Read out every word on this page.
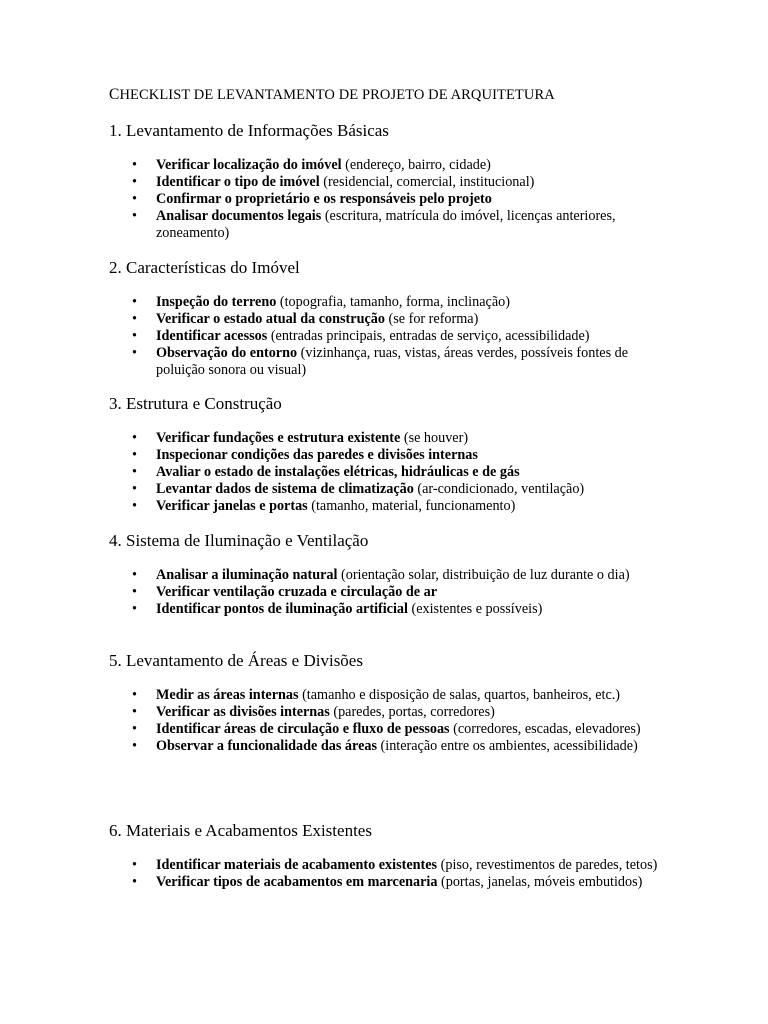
CHECKLIST DE LEVANTAMENTO DE PROJETO DE ARQUITETURA
1. Levantamento de Informações Básicas
• Verificar localização do imóvel (endereço, bairro, cidade)
• Identificar o tipo de imóvel (residencial, comercial, institucional)
• Confirmar o proprietário e os responsáveis pelo projeto
• Analisar documentos legais (escritura, matrícula do imóvel, licenças anteriores, zoneamento)
2. Características do Imóvel
• Inspeção do terreno (topografia, tamanho, forma, inclinação)
• Verificar o estado atual da construção (se for reforma)
• Identificar acessos (entradas principais, entradas de serviço, acessibilidade)
• Observação do entorno (vizinhança, ruas, vistas, áreas verdes, possíveis fontes de poluição sonora ou visual)
3. Estrutura e Construção
• Verificar fundações e estrutura existente (se houver)
• Inspecionar condições das paredes e divisões internas
• Avaliar o estado de instalações elétricas, hidráulicas e de gás
• Levantar dados de sistema de climatização (ar-condicionado, ventilação)
• Verificar janelas e portas (tamanho, material, funcionamento)
4. Sistema de Iluminação e Ventilação
• Analisar a iluminação natural (orientação solar, distribuição de luz durante o dia)
• Verificar ventilação cruzada e circulação de ar
• Identificar pontos de iluminação artificial (existentes e possíveis)
5. Levantamento de Áreas e Divisões
• Medir as áreas internas (tamanho e disposição de salas, quartos, banheiros, etc.)
• Verificar as divisões internas (paredes, portas, corredores)
• Identificar áreas de circulação e fluxo de pessoas (corredores, escadas, elevadores)
• Observar a funcionalidade das áreas (interação entre os ambientes, acessibilidade)
6. Materiais e Acabamentos Existentes
• Identificar materiais de acabamento existentes (piso, revestimentos de paredes, tetos)
• Verificar tipos de acabamentos em marcenaria (portas, janelas, móveis embutidos)
